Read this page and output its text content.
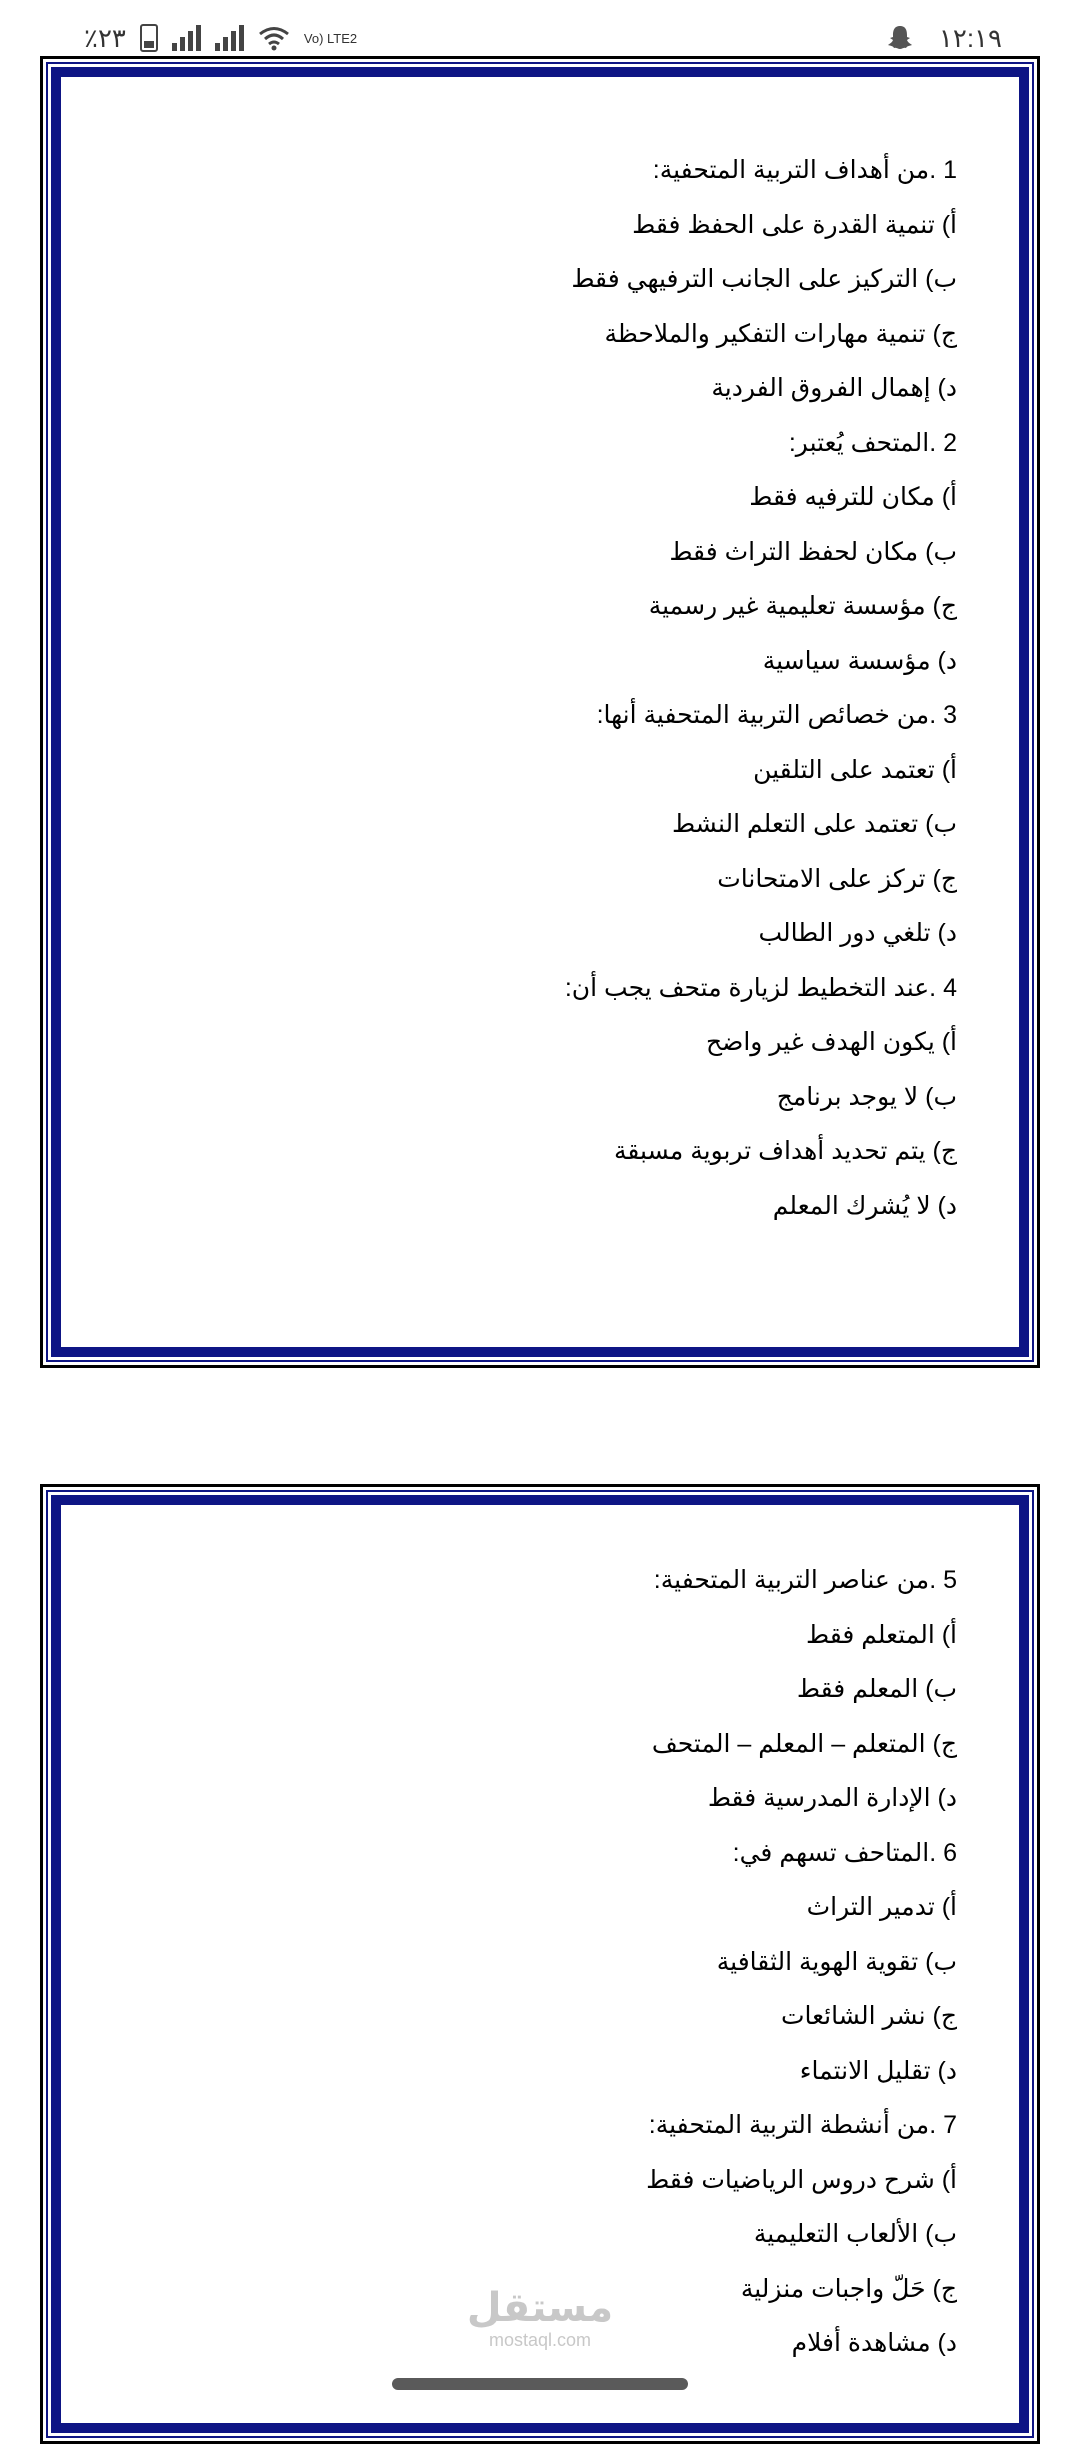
٪٢٣	Vo) LTE2	١٢:١٩
1 .من أهداف التربية المتحفية:
أ) تنمية القدرة على الحفظ فقط
ب) التركيز على الجانب الترفيهي فقط
ج) تنمية مهارات التفكير والملاحظة
د) إهمال الفروق الفردية
2 .المتحف يُعتبر:
أ) مكان للترفيه فقط
ب) مكان لحفظ التراث فقط
ج) مؤسسة تعليمية غير رسمية
د) مؤسسة سياسية
3 .من خصائص التربية المتحفية أنها:
أ) تعتمد على التلقين
ب) تعتمد على التعلم النشط
ج) تركز على الامتحانات
د) تلغي دور الطالب
4 .عند التخطيط لزيارة متحف يجب أن:
أ) يكون الهدف غير واضح
ب) لا يوجد برنامج
ج) يتم تحديد أهداف تربوية مسبقة
د) لا يُشرك المعلم
5 .من عناصر التربية المتحفية:
أ) المتعلم فقط
ب) المعلم فقط
ج) المتعلم – المعلم – المتحف
د) الإدارة المدرسية فقط
6 .المتاحف تسهم في:
أ) تدمير التراث
ب) تقوية الهوية الثقافية
ج) نشر الشائعات
د) تقليل الانتماء
7 .من أنشطة التربية المتحفية:
أ) شرح دروس الرياضيات فقط
ب) الألعاب التعليمية
ج) حَلّ واجبات منزلية
د) مشاهدة أفلام
مستقل
mostaql.com
